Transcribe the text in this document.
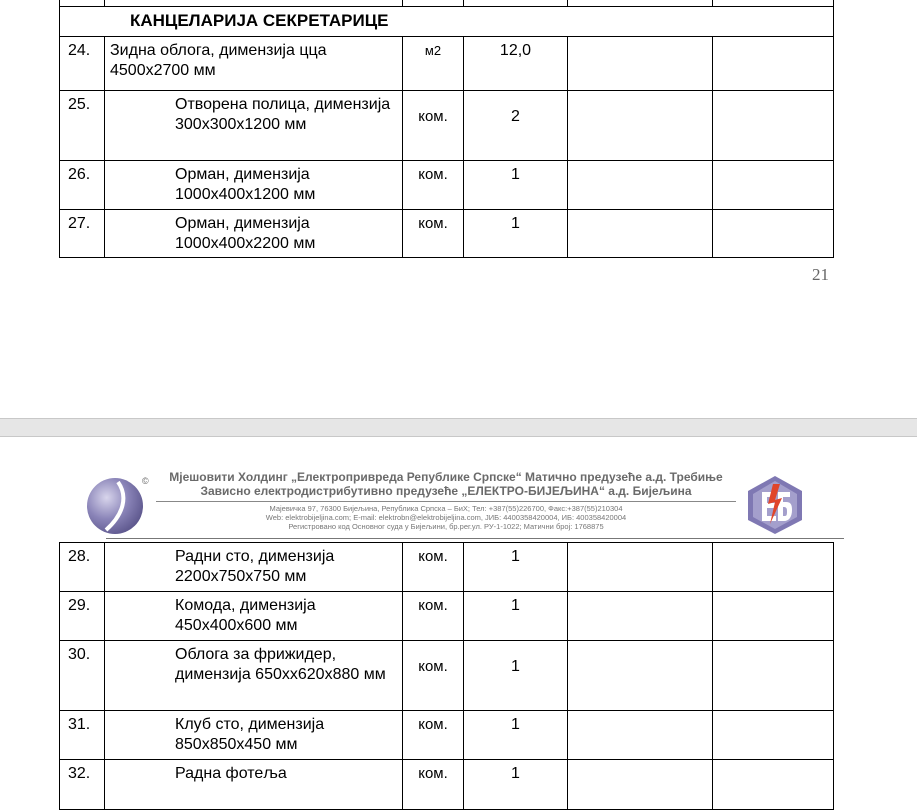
КАНЦЕЛАРИЈА СЕКРЕТАРИЦЕ					
24.	Зидна облога, димензија цца 4500х2700 мм	м2	12,0		
25.	Отворена полица, димензија 300х300х1200 мм	ком.	2		
26.	Орман, димензија 1000х400х1200 мм	ком.	1		
27.	Орман, димензија 1000х400х2200 мм	ком.	1		
21
©	Мјешовити Холдинг „Електропривреда Републике Српске“ Матично предузеће а.д. Требиње
Зависно електродистрибутивно предузеће „ЕЛЕКТРО-БИЈЕЉИНА“ а.д. Бијељина
Мајевичка 97, 76300 Бијељина, Република Српска – БиХ; Тел: +387(55)226700, Факс:+387(55)210304
Web: elektrobijeljina.com; E-mail: elektrobn@elektrobijeljina.com, ЈИБ: 4400358420004, ИБ: 400358420004
Регистровано код Основног суда у Бијељини, бр.рег.ул. РУ-1-1022; Матични број: 1768875
28.	Радни сто, димензија 2200х750х750 мм	ком.	1		
29.	Комода, димензија 450х400х600 мм	ком.	1		
30.	Облога за фрижидер, димензија 650хх620х880 мм	ком.	1		
31.	Клуб сто, димензија 850х850х450 мм	ком.	1		
32.	Радна фотеља	ком.	1		
